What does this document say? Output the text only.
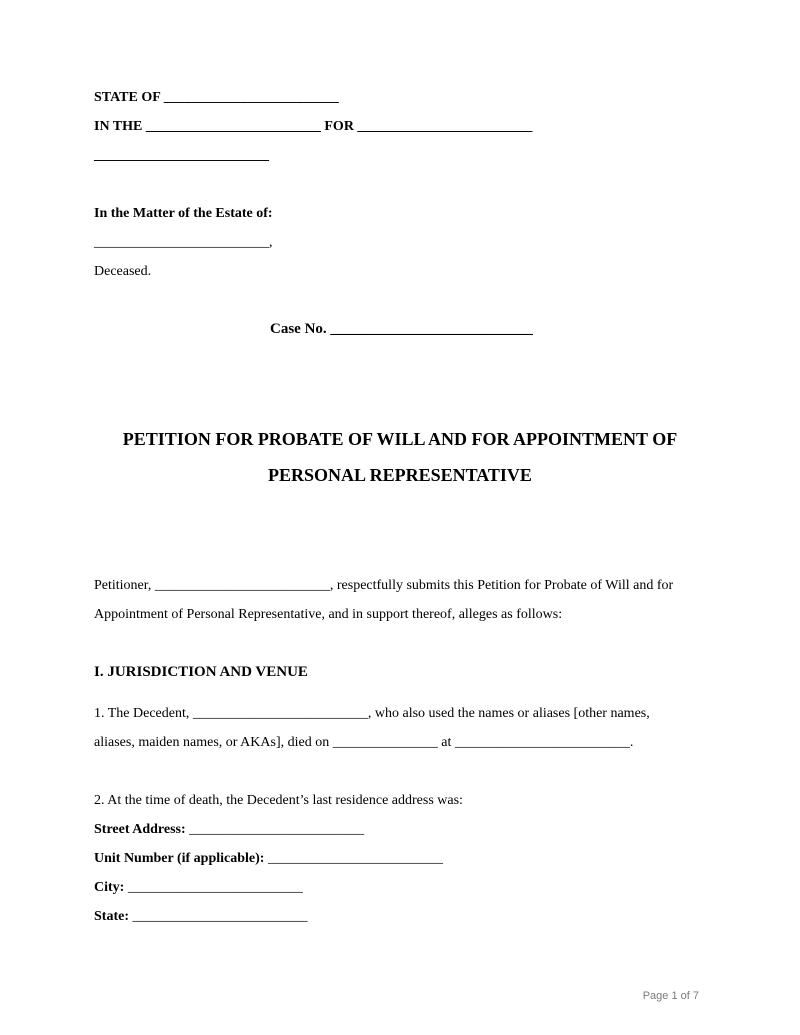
STATE OF _________________________
IN THE _________________________ FOR _________________________
_________________________
In the Matter of the Estate of:
_________________________,
Deceased.
Case No. ___________________________
PETITION FOR PROBATE OF WILL AND FOR APPOINTMENT OF
PERSONAL REPRESENTATIVE
Petitioner, _________________________, respectfully submits this Petition for Probate of Will and for
Appointment of Personal Representative, and in support thereof, alleges as follows:
I. JURISDICTION AND VENUE
1. The Decedent, _________________________, who also used the names or aliases [other names,
aliases, maiden names, or AKAs], died on _______________ at _________________________.
2. At the time of death, the Decedent’s last residence address was:
Street Address: _________________________
Unit Number (if applicable): _________________________
City: _________________________
State: _________________________
Page 1 of 7
